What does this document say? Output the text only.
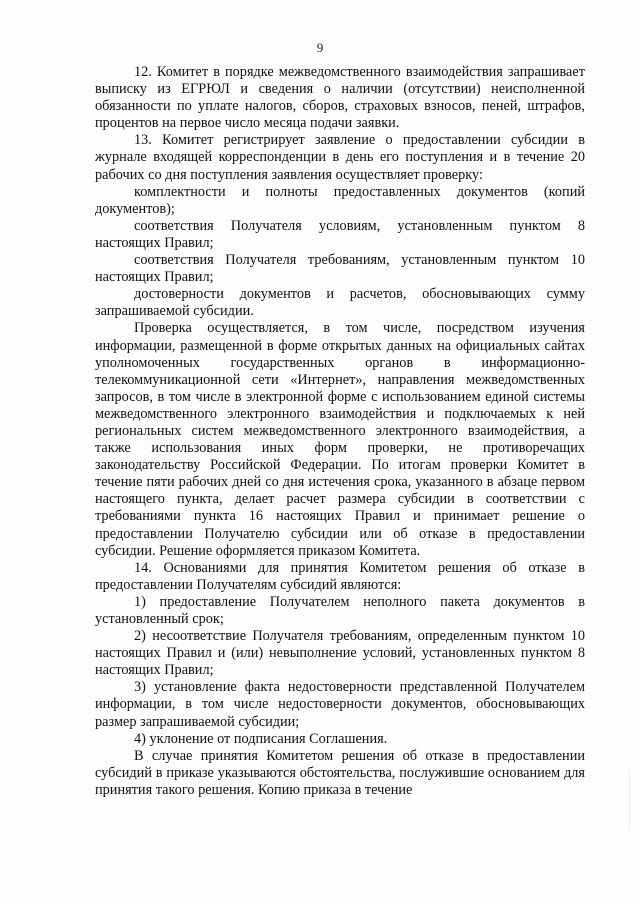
9

12. Комитет в порядке межведомственного взаимодействия запрашивает выписку из ЕГРЮЛ и сведения о наличии (отсутствии) неисполненной обязанности по уплате налогов, сборов, страховых взносов, пеней, штрафов, процентов на первое число месяца подачи заявки.

13. Комитет регистрирует заявление о предоставлении субсидии в журнале входящей корреспонденции в день его поступления и в течение 20 рабочих со дня поступления заявления осуществляет проверку:

комплектности и полноты предоставленных документов (копий документов);

соответствия Получателя условиям, установленным пунктом 8 настоящих Правил;

соответствия Получателя требованиям, установленным пунктом 10 настоящих Правил;

достоверности документов и расчетов, обосновывающих сумму запрашиваемой субсидии.

Проверка осуществляется, в том числе, посредством изучения информации, размещенной в форме открытых данных на официальных сайтах уполномоченных государственных органов в информационно-телекоммуникационной сети «Интернет», направления межведомственных запросов, в том числе в электронной форме с использованием единой системы межведомственного электронного взаимодействия и подключаемых к ней региональных систем межведомственного электронного взаимодействия, а также использования иных форм проверки, не противоречащих законодательству Российской Федерации. По итогам проверки Комитет в течение пяти рабочих дней со дня истечения срока, указанного в абзаце первом настоящего пункта, делает расчет размера субсидии в соответствии с требованиями пункта 16 настоящих Правил и принимает решение о предоставлении Получателю субсидии или об отказе в предоставлении субсидии. Решение оформляется приказом Комитета.

14. Основаниями для принятия Комитетом решения об отказе в предоставлении Получателям субсидий являются:

1) предоставление Получателем неполного пакета документов в установленный срок;

2) несоответствие Получателя требованиям, определенным пунктом 10 настоящих Правил и (или) невыполнение условий, установленных пунктом 8 настоящих Правил;

3) установление факта недостоверности представленной Получателем информации, в том числе недостоверности документов, обосновывающих размер запрашиваемой субсидии;

4) уклонение от подписания Соглашения.

В случае принятия Комитетом решения об отказе в предоставлении субсидий в приказе указываются обстоятельства, послужившие основанием для принятия такого решения. Копию приказа в течение
